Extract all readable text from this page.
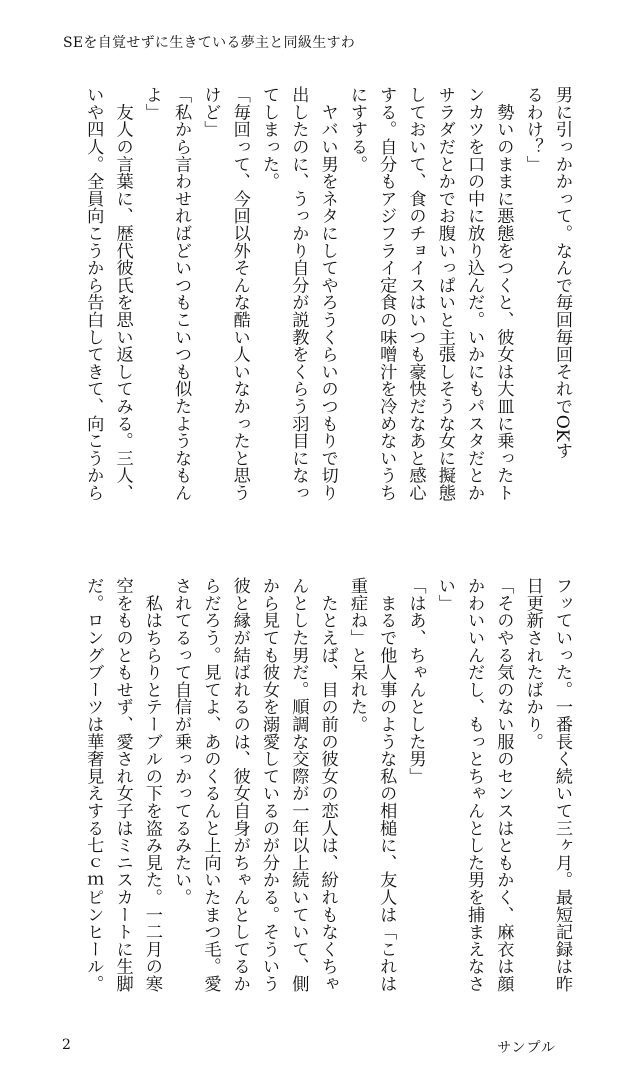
SEを自覚せずに生きている夢主と同級生すわ
男に引っかかって。なんで毎回毎回それでOKす
るわけ？」
　勢いのままに悪態をつくと、彼女は大皿に乗ったト
ンカツを口の中に放り込んだ。いかにもパスタだとか
サラダだとかでお腹いっぱいと主張しそうな女に擬態
しておいて、食のチョイスはいつも豪快だなあと感心
する。自分もアジフライ定食の味噌汁を冷めないうち
にすする。
　ヤバい男をネタにしてやろうくらいのつもりで切り
出したのに、うっかり自分が説教をくらう羽目になっ
てしまった。
「毎回って、今回以外そんな酷い人いなかったと思う
けど」
「私から言わせればどいつもこいつも似たようなもん
よ」
　友人の言葉に、歴代彼氏を思い返してみる。三人、
いや四人。全員向こうから告白してきて、向こうから
フッていった。一番長く続いて三ヶ月。最短記録は昨
日更新されたばかり。
「そのやる気のない服のセンスはともかく、麻衣は顔
かわいいんだし、もっとちゃんとした男を捕まえなさ
い」
「はあ、ちゃんとした男」
　まるで他人事のような私の相槌に、友人は「これは
重症ね」と呆れた。
　たとえば、目の前の彼女の恋人は、紛れもなくちゃ
んとした男だ。順調な交際が一年以上続いていて、側
から見ても彼女を溺愛しているのが分かる。そういう
彼と縁が結ばれるのは、彼女自身がちゃんとしてるか
らだろう。見てよ、あのくるんと上向いたまつ毛。愛
されてるって自信が乗っかってるみたい。
　私はちらりとテーブルの下を盗み見た。一二月の寒
空をものともせず、愛され女子はミニスカートに生脚
だ。ロングブーツは華奢見えする七ｃｍピンヒール。
2	サンプル
